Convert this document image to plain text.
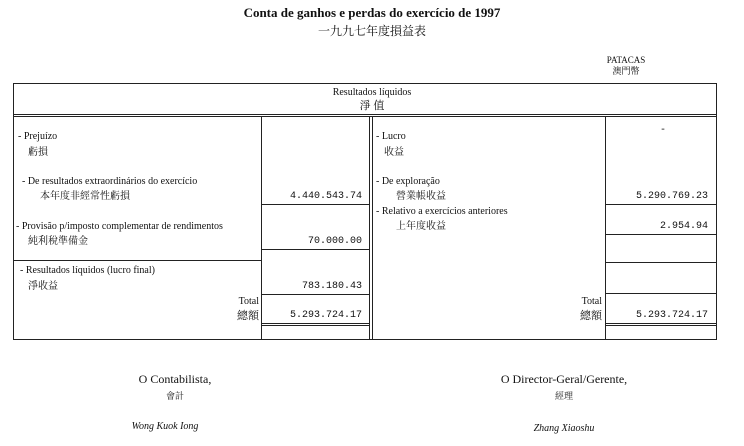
Conta de ganhos e perdas do exercício de 1997
一九九七年度損益表
PATACAS
澳門幣
Resultados líquidos
淨 值
- Prejuízo
虧損
- De resultados extraordinários do exercício
本年度非經常性虧損	4.440.543.74
- Provisão p/imposto complementar de rendimentos
純利稅準備金	70.000.00
- Resultados líquidos (lucro final)
淨收益	783.180.43
Total
總額	5.293.724.17
- Lucro
收益
-
- De exploração
營業帳收益	5.290.769.23
- Relativo a exercícios anteriores
上年度收益	2.954.94
Total
總額	5.293.724.17
O Contabilista,
會計
Wong Kuok Iong
O Director-Geral/Gerente,
經理
Zhang Xiaoshu
